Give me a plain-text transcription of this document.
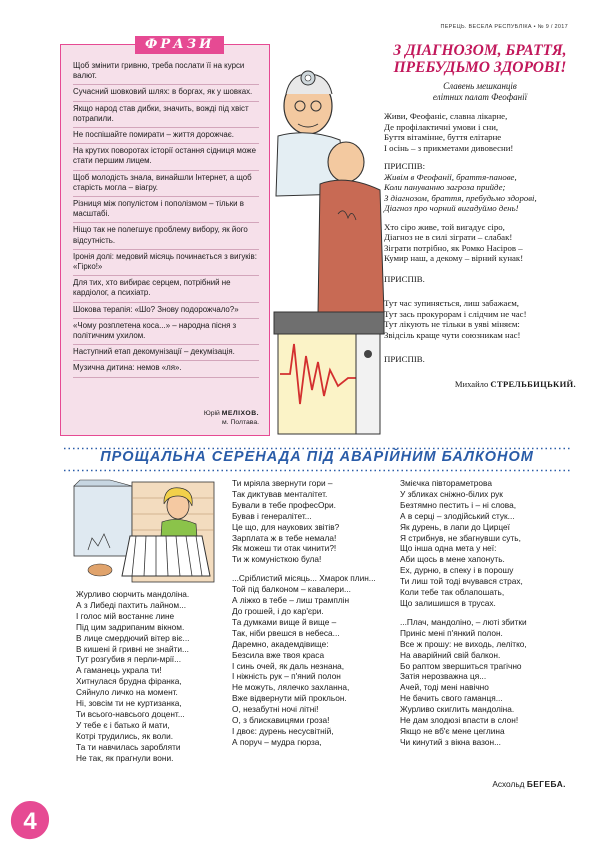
ПЕРЕЦЬ. ВЕСЕЛА РЕСПУБЛІКА • № 9 / 2017
ФРАЗИ
Щоб змінити гривню, треба послати її на курси валют.
Сучасний шовковий шлях: в боргах, як у шовках.
Якщо народ став дибки, значить, вожді під хвіст потрапили.
Не поспішайте помирати – життя дорожчає.
На крутих поворотах історії остання сідниця може стати першим лицем.
Щоб молодість знала, винайшли Інтернет, а щоб старість могла – віагру.
Різниця між популістом і пополізмом – тільки в масштабі.
Ніщо так не полегшує проблему вибору, як його відсутність.
Іронія долі: медовий місяць починається з вигуків: «Гірко!»
Для тих, хто вибирає серцем, потрібний не кардіолог, а психіатр.
Шокова терапія: «Шо? Знову подорожчало?»
«Чому розплетена коса...» – народна пісня з політичним ухилом.
Наступний етап декомунізації – декумізація.
Музична дитина: немов «ля».
Юрій МЕЛІХОВ.
м. Полтава.
З ДІАГНОЗОМ, БРАТТЯ,
ПРЕБУДЬМО ЗДОРОВІ!
Славень мешканців
елітних палат Феофанії
Живи, Феофаніє, славна лікарне,
Де профілактичні умови і сни,
Буття вітамінне, буття елітарне
І осінь – з прикметами дивовесни!
ПРИСПІВ:
Живім в Феофанії, браття-панове,
Коли пануванню загроза прийде;
З діагнозом, браття, пребудьмо здорові,
Діагноз про чорний вигадуймо день!
Хто сіро живе, той вигадує сіро,
Діагноз не в силі зіграти – слабак!
Зіграти потрібно, як Ромко Насіров –
Кумир наш, а декому – вірний кунак!
ПРИСПІВ.
Тут час зупиняється, лиш забажаєм,
Тут зась прокурорам і слідчим не час!
Тут лікують не тільки в уяві міняєм:
Звідсіль краще чути союзникам нас!
ПРИСПІВ.
Михайло СТРЕЛЬБИЦЬКИЙ.
ПРОЩАЛЬНА СЕРЕНАДА ПІД АВАРІЙНИМ БАЛКОНОМ
Журливо сюрчить мандоліна.
А з Либеді пахтить лайном...
І голос мій востаннє лине
Під цим задрипаним вікном.
В лице смердючий вітер віє...
В кишені й гривні не знайти...
Тут розгубив я перли-мрії...
А гаманець украла ти!
Хитнулася брудна фіранка,
Сяйнуло личко на момент.
Ні, зовсім ти не куртизанка,
Ти всього-навсього доцент...
У тебе є і батько й мати,
Котрі трудились, як воли.
Та ти навчилась заробляти
Не так, як прагнули вони.
Ти мріяла звернути гори –
Так диктував менталітет.
Бували в тебе професОри.
Бував і генералітет...
Це що, для наукових звітів?
Зарплата ж в тебе немала!
Як можеш ти отак чинити?!
Ти ж комуністкою була!
...Сріблистий місяць... Хмарок плин...
Той під балконом – кавалери...
А ліжко в тебе – лиш трамплін
До грошей, і до кар'єри.
Та думками вище й вище –
Так, ніби рвешся в небеса...
Даремно, академдівище:
Безсила вже твоя краса
І синь очей, як даль незнана,
І ніжність рук – п'яний полон
Не можуть, лялечко захланна,
Вже відвернути мій прокльон.
О, незабутні ночі літні!
О, з блискавицями гроза!
І двоє: дурень несусвітній,
А поруч – мудра гюрза,
Змієчка півтораметрова
У збликах сніжно-білих рук
Безтямно пестить і – ні слова,
А в серці – злодійський стук...
Як дурень, в лапи до Цирцеї
Я стрибнув, не збагнувши суть,
Що інша одна мета у неї:
Аби щось в мене хапонуть.
Ех, дурню, в спеку і в порошу
Ти лиш той тоді вчувався страх,
Коли тебе так облапошать,
Що залишишся в трусах.
...Плач, мандоліно, – люті збитки
Приніс мені п'янкий полон.
Все ж прошу: не виходь, лелітко,
На аварійний свій балкон.
Бо раптом звершиться трагічно
Затія нерозважна ця...
Ачей, тоді мені навічно
Не бачить свого гаманця...
Журливо скиглить мандоліна.
Не дам злодюзі впасти в слон!
Якщо не вб'є мене цеглина
Чи кинутий з вікна вазон...
Асхольд БЕГЕБА.
4
